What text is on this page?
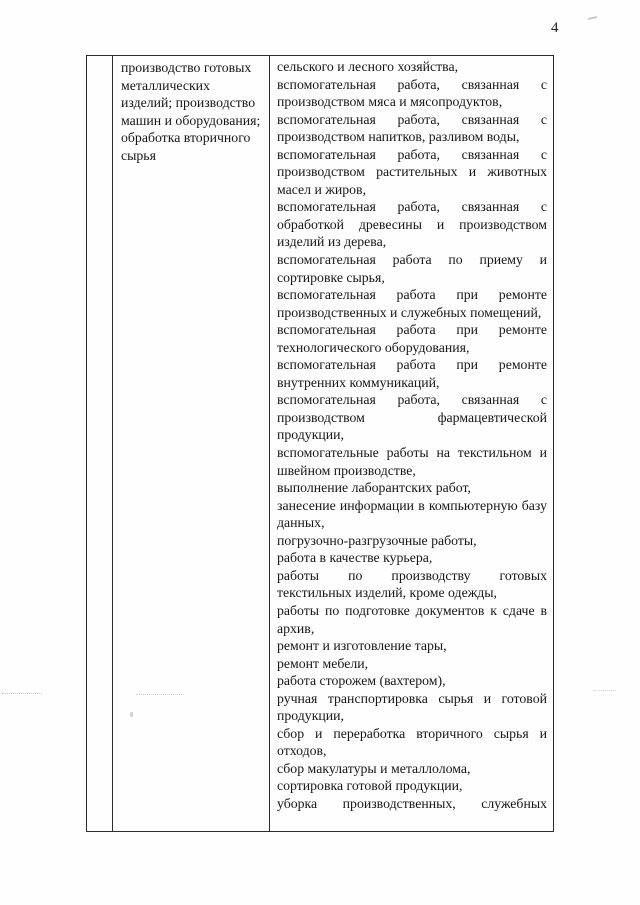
4
производство готовых металлических изделий; производство машин и оборудования; обработка вторичного сырья
сельского и лесного хозяйства,
вспомогательная работа, связанная с производством мяса и мясопродуктов,
вспомогательная работа, связанная с производством напитков, разливом воды,
вспомогательная работа, связанная с производством растительных и животных масел и жиров,
вспомогательная работа, связанная с обработкой древесины и производством изделий из дерева,
вспомогательная работа по приему и сортировке сырья,
вспомогательная работа при ремонте производственных и служебных помещений,
вспомогательная работа при ремонте технологического оборудования,
вспомогательная работа при ремонте внутренних коммуникаций,
вспомогательная работа, связанная с производством фармацевтической продукции,
вспомогательные работы на текстильном и швейном производстве,
выполнение лаборантских работ,
занесение информации в компьютерную базу данных,
погрузочно-разгрузочные работы,
работа в качестве курьера,
работы по производству готовых текстильных изделий, кроме одежды,
работы по подготовке документов к сдаче в архив,
ремонт и изготовление тары,
ремонт мебели,
работа сторожем (вахтером),
ручная транспортировка сырья и готовой продукции,
сбор и переработка вторичного сырья и отходов,
сбор макулатуры и металлолома,
сортировка готовой продукции,
уборка производственных, служебных
